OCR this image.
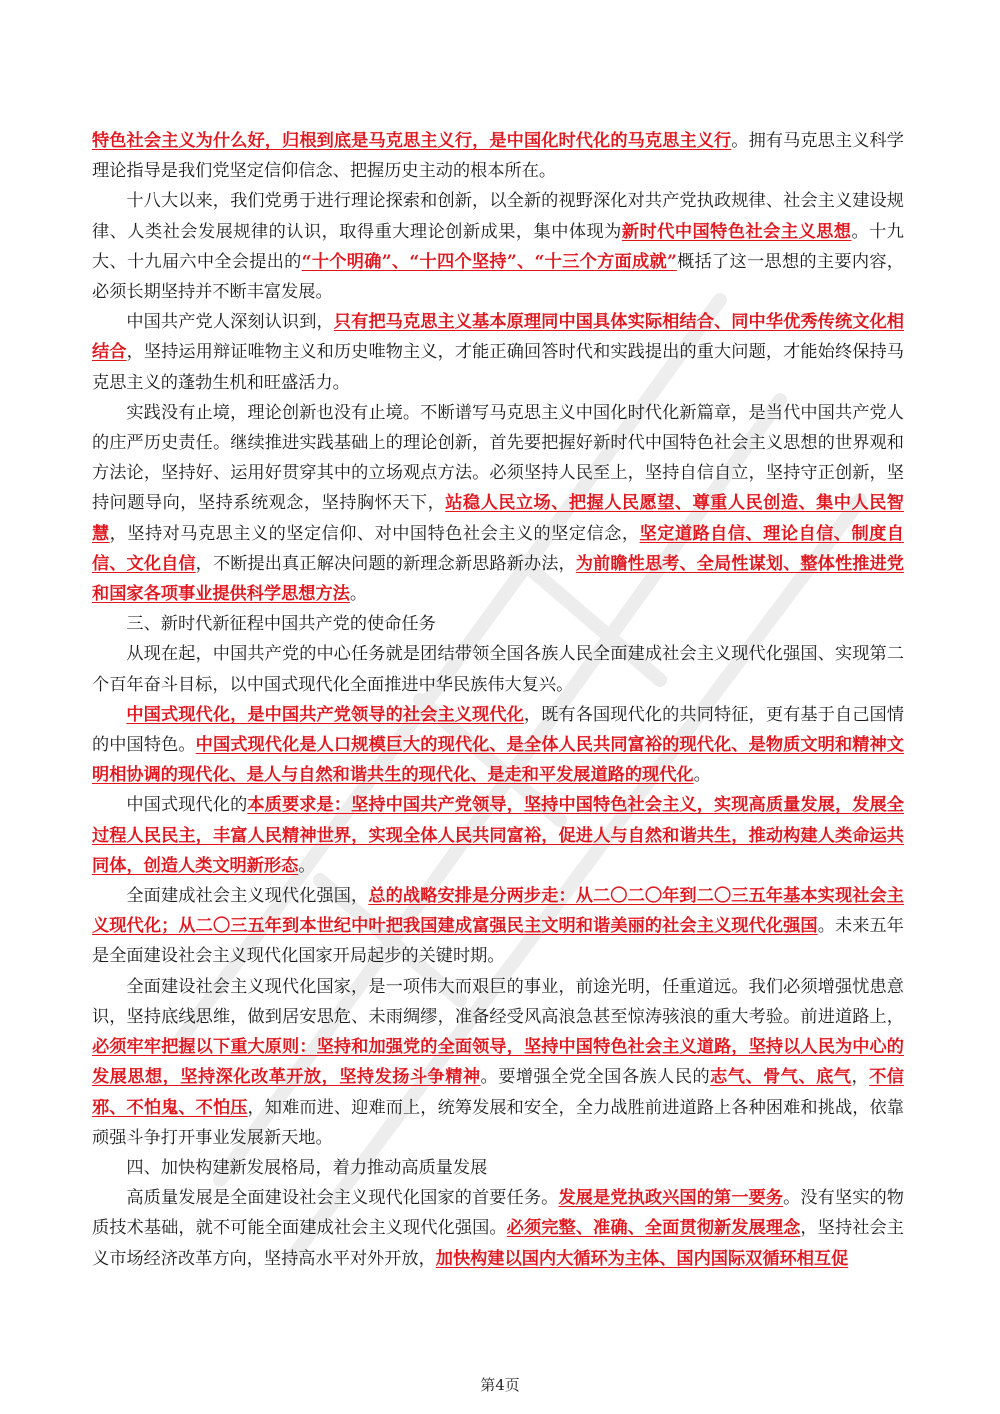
特色社会主义为什么好，归根到底是马克思主义行，是中国化时代化的马克思主义行。拥有马克思主义科学理论指导是我们党坚定信仰信念、把握历史主动的根本所在。

十八大以来，我们党勇于进行理论探索和创新，以全新的视野深化对共产党执政规律、社会主义建设规律、人类社会发展规律的认识，取得重大理论创新成果，集中体现为新时代中国特色社会主义思想。十九大、十九届六中全会提出的“十个明确”、“十四个坚持”、“十三个方面成就”概括了这一思想的主要内容，必须长期坚持并不断丰富发展。

中国共产党人深刻认识到，只有把马克思主义基本原理同中国具体实际相结合、同中华优秀传统文化相结合，坚持运用辩证唯物主义和历史唯物主义，才能正确回答时代和实践提出的重大问题，才能始终保持马克思主义的蓬勃生机和旺盛活力。

实践没有止境，理论创新也没有止境。不断谱写马克思主义中国化时代化新篇章，是当代中国共产党人的庄严历史责任。继续推进实践基础上的理论创新，首先要把握好新时代中国特色社会主义思想的世界观和方法论，坚持好、运用好贯穿其中的立场观点方法。必须坚持人民至上，坚持自信自立，坚持守正创新，坚持问题导向，坚持系统观念，坚持胸怀天下，站稳人民立场、把握人民愿望、尊重人民创造、集中人民智慧，坚持对马克思主义的坚定信仰、对中国特色社会主义的坚定信念，坚定道路自信、理论自信、制度自信、文化自信，不断提出真正解决问题的新理念新思路新办法，为前瞻性思考、全局性谋划、整体性推进党和国家各项事业提供科学思想方法。

三、新时代新征程中国共产党的使命任务

从现在起，中国共产党的中心任务就是团结带领全国各族人民全面建成社会主义现代化强国、实现第二个百年奋斗目标，以中国式现代化全面推进中华民族伟大复兴。

中国式现代化，是中国共产党领导的社会主义现代化，既有各国现代化的共同特征，更有基于自己国情的中国特色。中国式现代化是人口规模巨大的现代化、是全体人民共同富裕的现代化、是物质文明和精神文明相协调的现代化、是人与自然和谐共生的现代化、是走和平发展道路的现代化。

中国式现代化的本质要求是：坚持中国共产党领导，坚持中国特色社会主义，实现高质量发展，发展全过程人民民主，丰富人民精神世界，实现全体人民共同富裕，促进人与自然和谐共生，推动构建人类命运共同体，创造人类文明新形态。

全面建成社会主义现代化强国，总的战略安排是分两步走：从二〇二〇年到二〇三五年基本实现社会主义现代化；从二〇三五年到本世纪中叶把我国建成富强民主文明和谐美丽的社会主义现代化强国。未来五年是全面建设社会主义现代化国家开局起步的关键时期。

全面建设社会主义现代化国家，是一项伟大而艰巨的事业，前途光明，任重道远。我们必须增强忧患意识，坚持底线思维，做到居安思危、未雨绸缪，准备经受风高浪急甚至惊涛骇浪的重大考验。前进道路上，必须牢牢把握以下重大原则：坚持和加强党的全面领导，坚持中国特色社会主义道路，坚持以人民为中心的发展思想，坚持深化改革开放，坚持发扬斗争精神。要增强全党全国各族人民的志气、骨气、底气，不信邪、不怕鬼、不怕压，知难而进、迎难而上，统筹发展和安全，全力战胜前进道路上各种困难和挑战，依靠顽强斗争打开事业发展新天地。

四、加快构建新发展格局，着力推动高质量发展

高质量发展是全面建设社会主义现代化国家的首要任务。发展是党执政兴国的第一要务。没有坚实的物质技术基础，就不可能全面建成社会主义现代化强国。必须完整、准确、全面贯彻新发展理念，坚持社会主义市场经济改革方向，坚持高水平对外开放，加快构建以国内大循环为主体、国内国际双循环相互促

第4页
